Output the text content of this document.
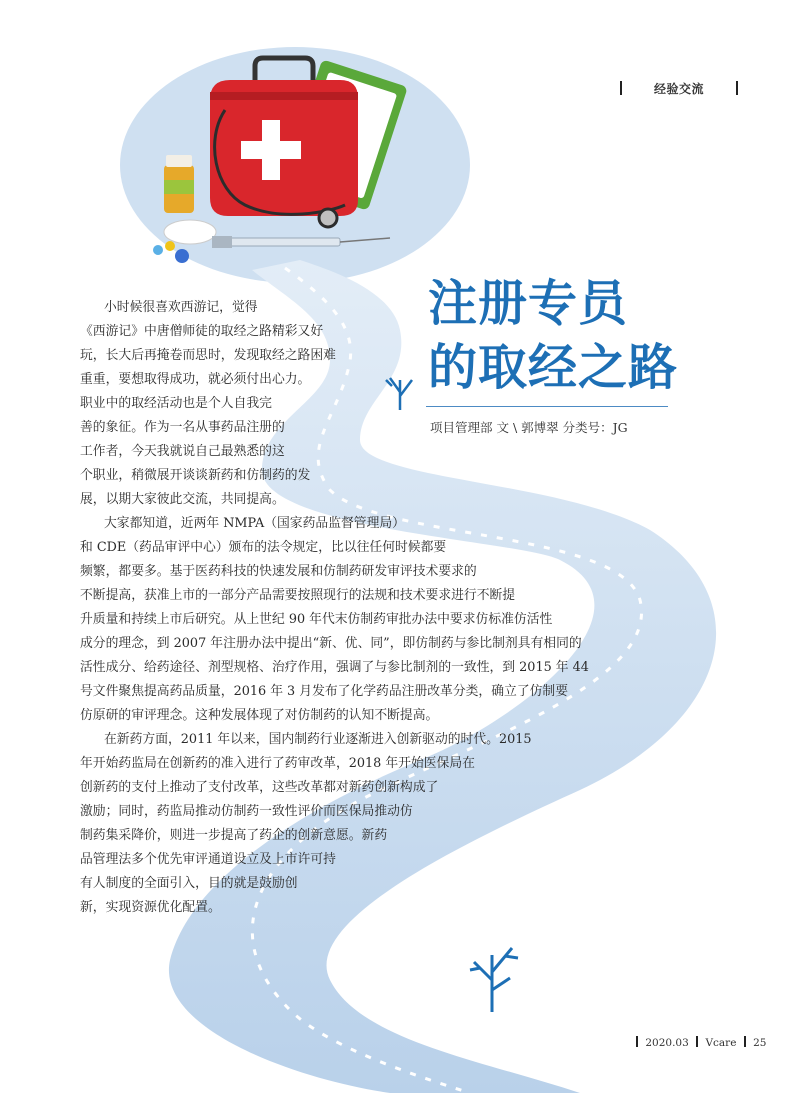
经验交流
注册专员
的取经之路
项目管理部 文 \ 郭博翠 分类号：JG
小时候很喜欢西游记，觉得
《西游记》中唐僧师徒的取经之路精彩又好
玩，长大后再掩卷而思时，发现取经之路困难
重重，要想取得成功，就必须付出心力。
职业中的取经活动也是个人自我完
善的象征。作为一名从事药品注册的
工作者，今天我就说自己最熟悉的这
个职业，稍微展开谈谈新药和仿制药的发
展，以期大家彼此交流，共同提高。
大家都知道，近两年 NMPA（国家药品监督管理局）
和 CDE（药品审评中心）颁布的法令规定，比以往任何时候都要
频繁，都要多。基于医药科技的快速发展和仿制药研发审评技术要求的
不断提高，获准上市的一部分产品需要按照现行的法规和技术要求进行不断提
升质量和持续上市后研究。从上世纪 90 年代末仿制药审批办法中要求仿标准仿活性
成分的理念，到 2007 年注册办法中提出“新、优、同”，即仿制药与参比制剂具有相同的
活性成分、给药途径、剂型规格、治疗作用，强调了与参比制剂的一致性，到 2015 年 44
号文件聚焦提高药品质量，2016 年 3 月发布了化学药品注册改革分类，确立了仿制要
仿原研的审评理念。这种发展体现了对仿制药的认知不断提高。
在新药方面，2011 年以来，国内制药行业逐渐进入创新驱动的时代。2015
年开始药监局在创新药的准入进行了药审改革，2018 年开始医保局在
创新药的支付上推动了支付改革，这些改革都对新药创新构成了
激励；同时，药监局推动仿制药一致性评价而医保局推动仿
制药集采降价，则进一步提高了药企的创新意愿。新药
品管理法多个优先审评通道设立及上市许可持
有人制度的全面引入，目的就是鼓励创
新，实现资源优化配置。
2020.03 Vcare 25
